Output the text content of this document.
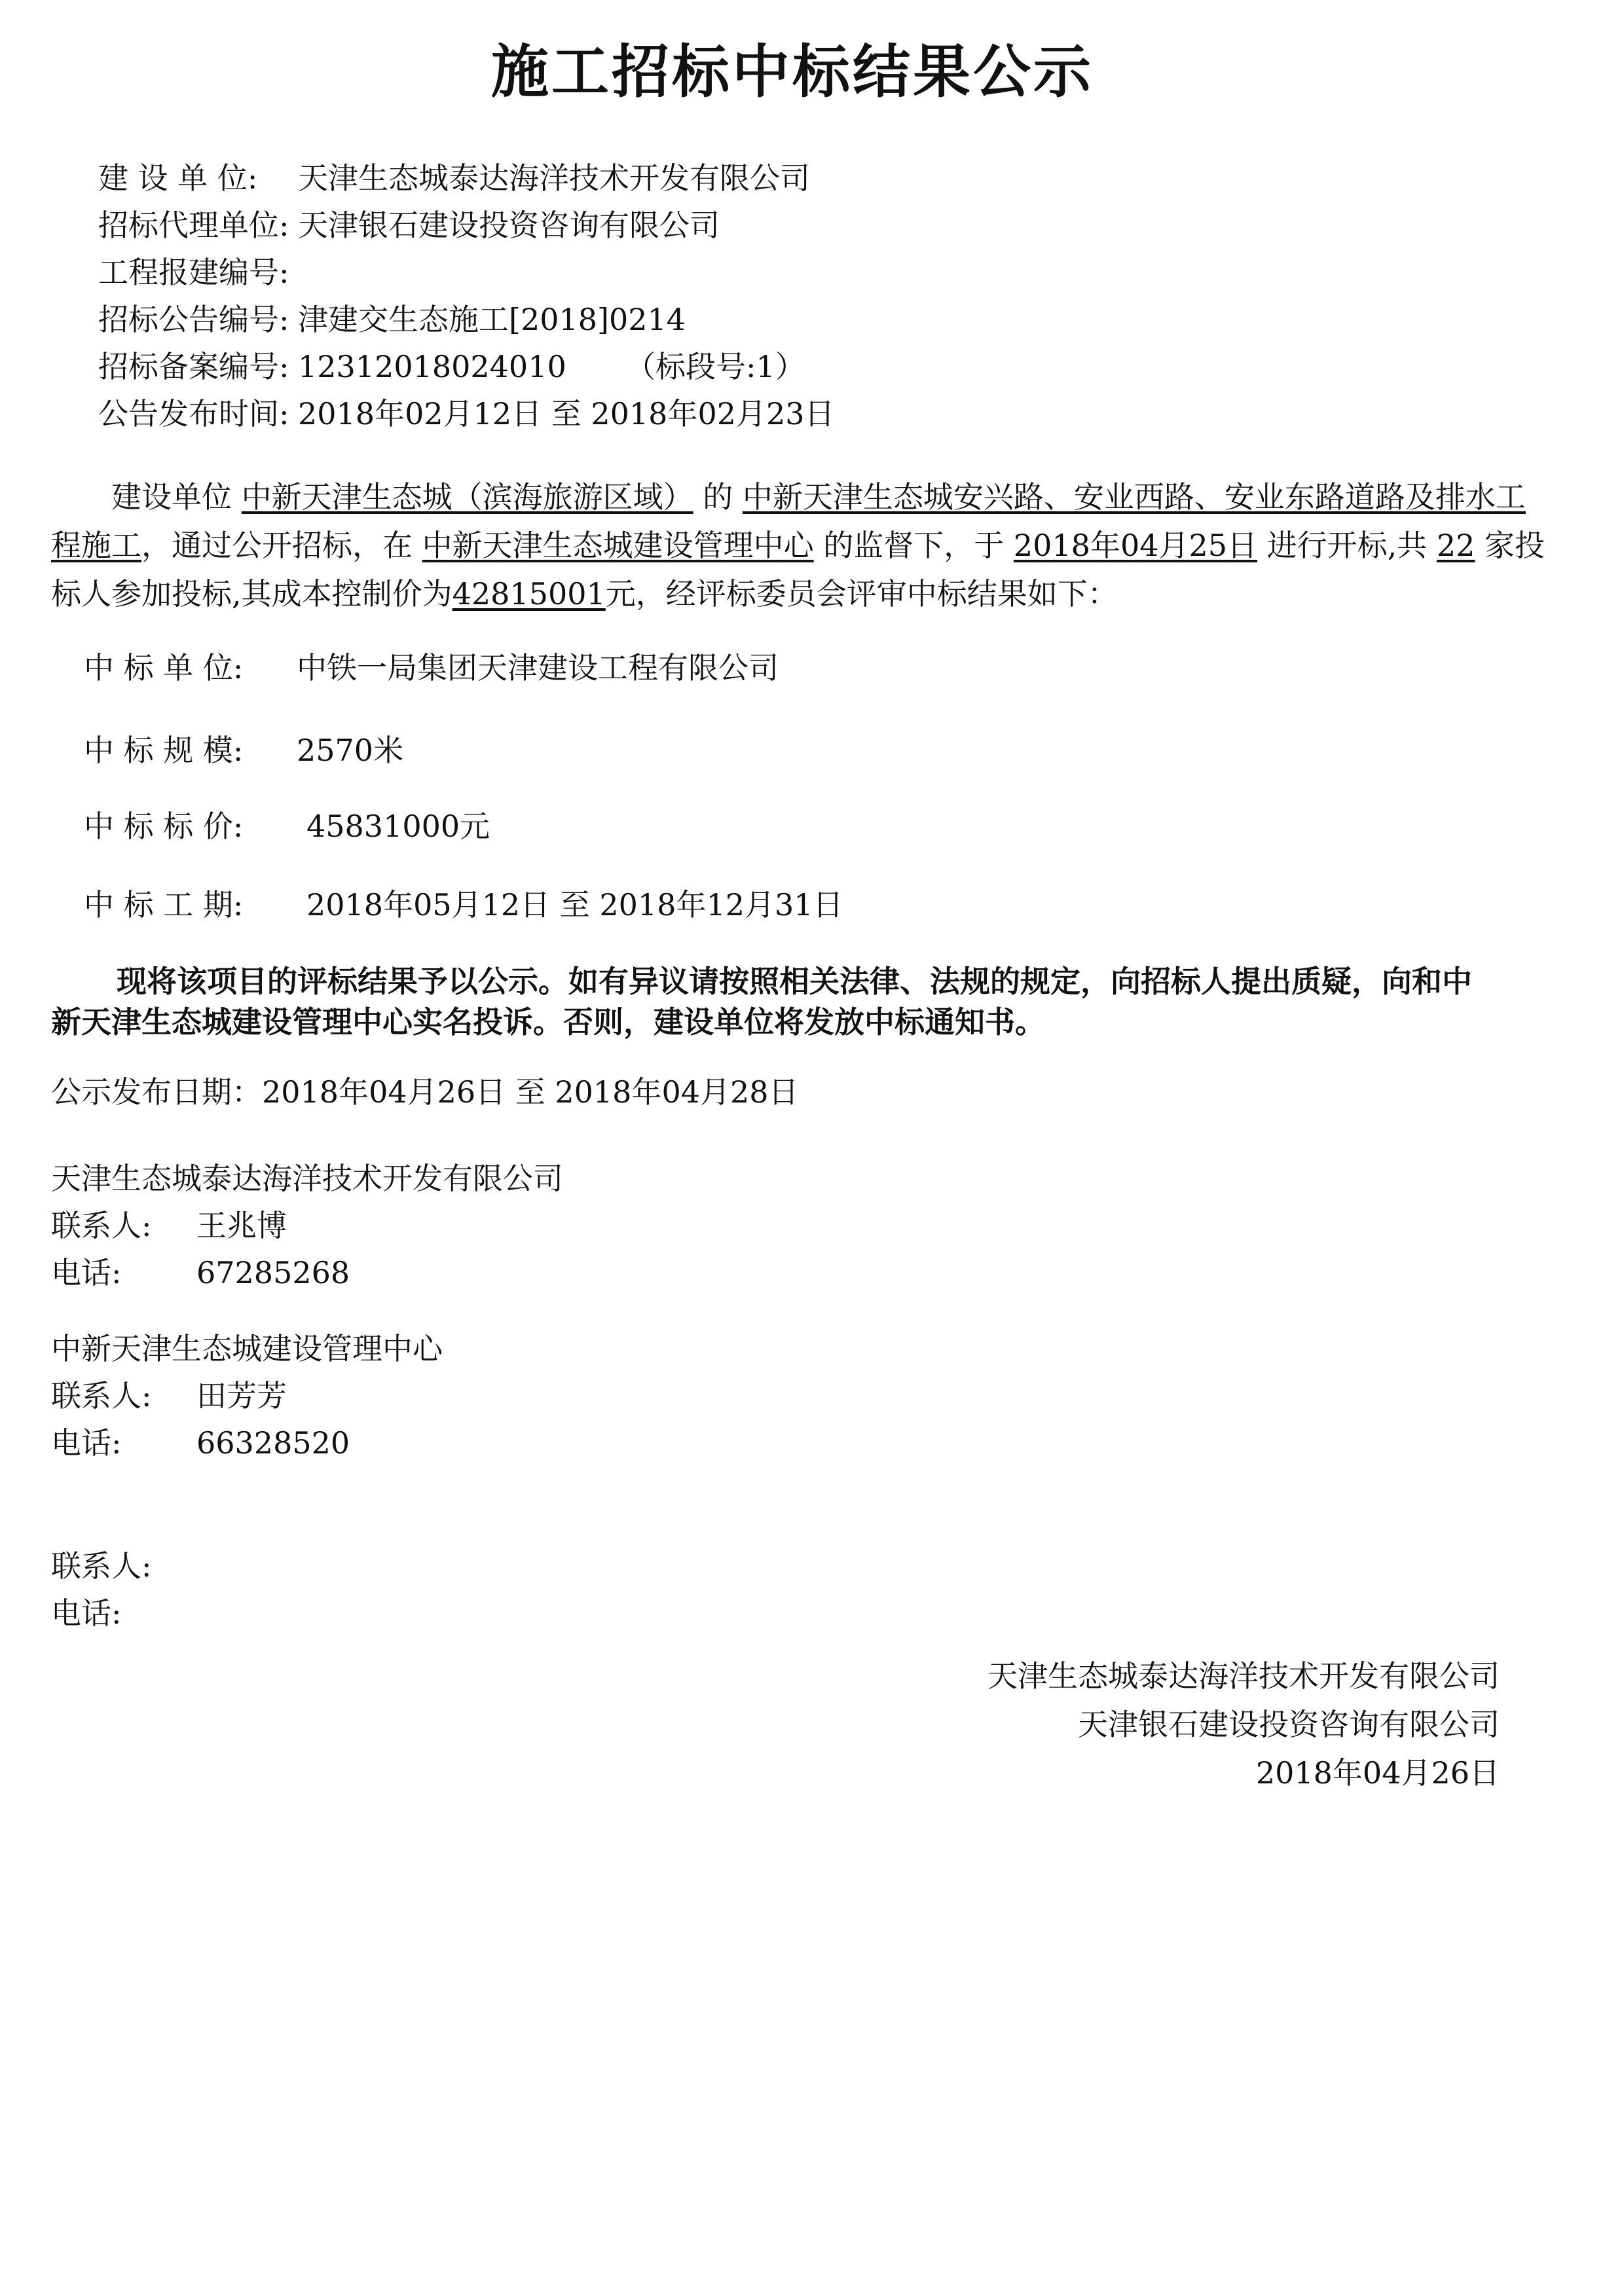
施工招标中标结果公示
建 设 单 位: 天津生态城泰达海洋技术开发有限公司
招标代理单位: 天津银石建设投资咨询有限公司
工程报建编号:
招标公告编号: 津建交生态施工[2018]0214
招标备案编号: 12312018024010 （标段号:1）
公告发布时间: 2018年02月12日 至 2018年02月23日
建设单位 中新天津生态城（滨海旅游区域） 的 中新天津生态城安兴路、安业西路、安业东路道路及排水工程施工，通过公开招标，在 中新天津生态城建设管理中心 的监督下，于 2018年04月25日 进行开标,共 22 家投标人参加投标,其成本控制价为42815001元，经评标委员会评审中标结果如下：
中 标 单 位: 中铁一局集团天津建设工程有限公司
中 标 规 模: 2570米
中 标 标 价: 45831000元
中 标 工 期: 2018年05月12日 至 2018年12月31日
现将该项目的评标结果予以公示。如有异议请按照相关法律、法规的规定，向招标人提出质疑，向和中新天津生态城建设管理中心实名投诉。否则，建设单位将发放中标通知书。
公示发布日期：2018年04月26日 至 2018年04月28日
天津生态城泰达海洋技术开发有限公司
联系人: 王兆博
电话: 67285268
中新天津生态城建设管理中心
联系人: 田芳芳
电话: 66328520
联系人:
电话:
天津生态城泰达海洋技术开发有限公司
天津银石建设投资咨询有限公司
2018年04月26日
